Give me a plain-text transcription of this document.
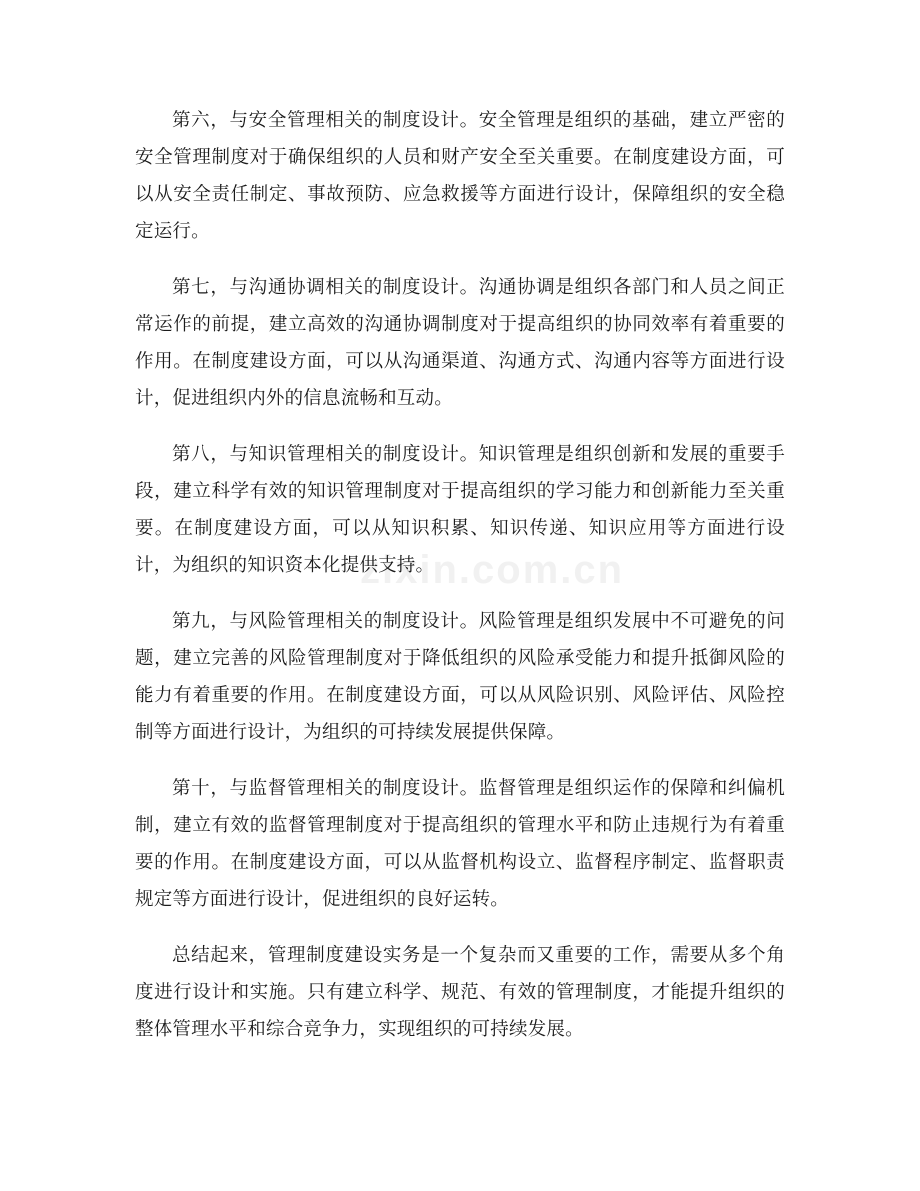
zixin.com.cn

第六，与安全管理相关的制度设计。安全管理是组织的基础，建立严密的安全管理制度对于确保组织的人员和财产安全至关重要。在制度建设方面，可以从安全责任制定、事故预防、应急救援等方面进行设计，保障组织的安全稳定运行。

第七，与沟通协调相关的制度设计。沟通协调是组织各部门和人员之间正常运作的前提，建立高效的沟通协调制度对于提高组织的协同效率有着重要的作用。在制度建设方面，可以从沟通渠道、沟通方式、沟通内容等方面进行设计，促进组织内外的信息流畅和互动。

第八，与知识管理相关的制度设计。知识管理是组织创新和发展的重要手段，建立科学有效的知识管理制度对于提高组织的学习能力和创新能力至关重要。在制度建设方面，可以从知识积累、知识传递、知识应用等方面进行设计，为组织的知识资本化提供支持。

第九，与风险管理相关的制度设计。风险管理是组织发展中不可避免的问题，建立完善的风险管理制度对于降低组织的风险承受能力和提升抵御风险的能力有着重要的作用。在制度建设方面，可以从风险识别、风险评估、风险控制等方面进行设计，为组织的可持续发展提供保障。

第十，与监督管理相关的制度设计。监督管理是组织运作的保障和纠偏机制，建立有效的监督管理制度对于提高组织的管理水平和防止违规行为有着重要的作用。在制度建设方面，可以从监督机构设立、监督程序制定、监督职责规定等方面进行设计，促进组织的良好运转。

总结起来，管理制度建设实务是一个复杂而又重要的工作，需要从多个角度进行设计和实施。只有建立科学、规范、有效的管理制度，才能提升组织的整体管理水平和综合竞争力，实现组织的可持续发展。
